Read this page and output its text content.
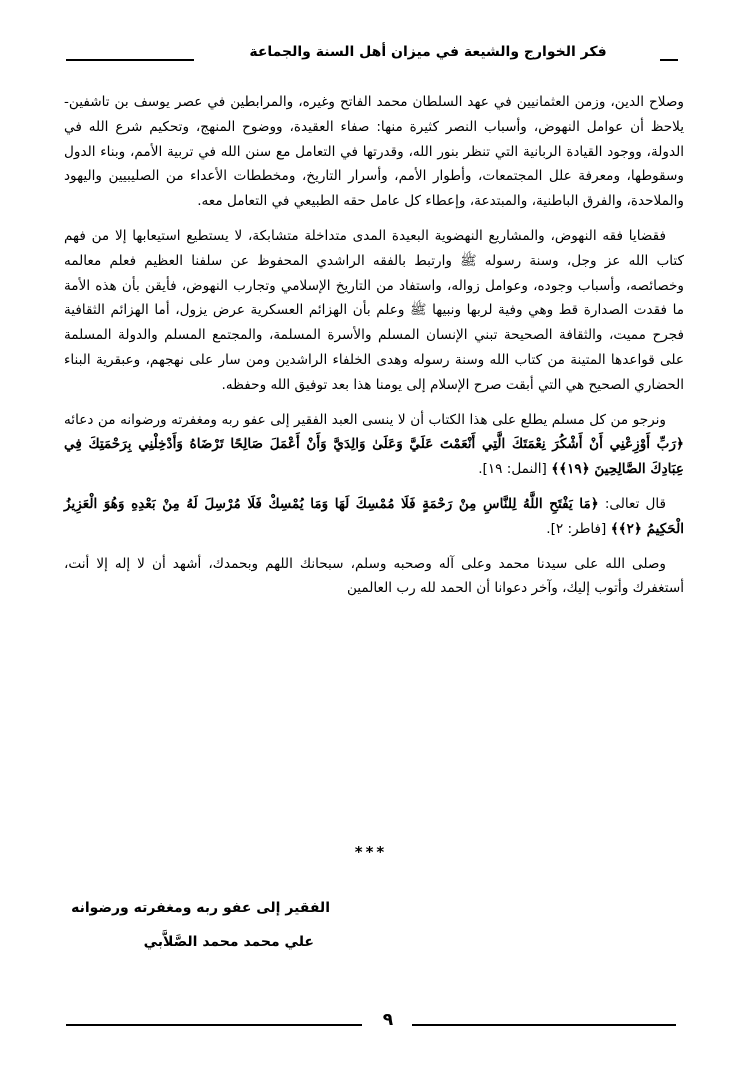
فكر الخوارج والشيعة في ميزان أهل السنة والجماعة

وصلاح الدين، وزمن العثمانيين في عهد السلطان محمد الفاتح وغيره، والمرابطين في عصر يوسف بن تاشفين- يلاحظ أن عوامل النهوض، وأسباب النصر كثيرة منها: صفاء العقيدة، ووضوح المنهج، وتحكيم شرع الله في الدولة، ووجود القيادة الربانية التي تنظر بنور الله، وقدرتها في التعامل مع سنن الله في تربية الأمم، وبناء الدول وسقوطها، ومعرفة علل المجتمعات، وأطوار الأمم، وأسرار التاريخ، ومخططات الأعداء من الصليبيين واليهود والملاحدة، والفرق الباطنية، والمبتدعة، وإعطاء كل عامل حقه الطبيعي في التعامل معه.

فقضايا فقه النهوض، والمشاريع النهضوية البعيدة المدى متداخلة متشابكة، لا يستطيع استيعابها إلا من فهم كتاب الله عز وجل، وسنة رسوله ﷺ وارتبط بالفقه الراشدي المحفوظ عن سلفنا العظيم فعلم معالمه وخصائصه، وأسباب وجوده، وعوامل زواله، واستفاد من التاريخ الإسلامي وتجارب النهوض، فأيقن بأن هذه الأمة ما فقدت الصدارة قط وهي وفية لربها ونبيها ﷺ وعلم بأن الهزائم العسكرية عرض يزول، أما الهزائم الثقافية فجرح مميت، والثقافة الصحيحة تبني الإنسان المسلم والأسرة المسلمة، والمجتمع المسلم والدولة المسلمة على قواعدها المتينة من كتاب الله وسنة رسوله وهدى الخلفاء الراشدين ومن سار على نهجهم، وعبقرية البناء الحضاري الصحيح هي التي أبقت صرح الإسلام إلى يومنا هذا بعد توفيق الله وحفظه.

ونرجو من كل مسلم يطلع على هذا الكتاب أن لا ينسى العبد الفقير إلى عفو ربه ومغفرته ورضوانه من دعائه ﴿رَبِّ أَوْزِعْنِي أَنْ أَشْكُرَ نِعْمَتَكَ الَّتِي أَنْعَمْتَ عَلَيَّ وَعَلَىٰ وَالِدَيَّ وَأَنْ أَعْمَلَ صَالِحًا تَرْضَاهُ وَأَدْخِلْنِي بِرَحْمَتِكَ فِي عِبَادِكَ الصَّالِحِينَ ﴿١٩﴾﴾ [النمل: ١٩].

قال تعالى: ﴿مَا يَفْتَحِ اللَّهُ لِلنَّاسِ مِنْ رَحْمَةٍ فَلَا مُمْسِكَ لَهَا وَمَا يُمْسِكْ فَلَا مُرْسِلَ لَهُ مِنْ بَعْدِهِ وَهُوَ الْعَزِيزُ الْحَكِيمُ ﴿٢﴾﴾ [فاطر: ٢].

وصلى الله على سيدنا محمد وعلى آله وصحبه وسلم، سبحانك اللهم وبحمدك، أشهد أن لا إله إلا أنت، أستغفرك وأتوب إليك، وآخر دعوانا أن الحمد لله رب العالمين

***
الفقير إلى عفو ربه ومغفرته ورضوانه
علي محمد محمد الصَّلاَّبي
٩
